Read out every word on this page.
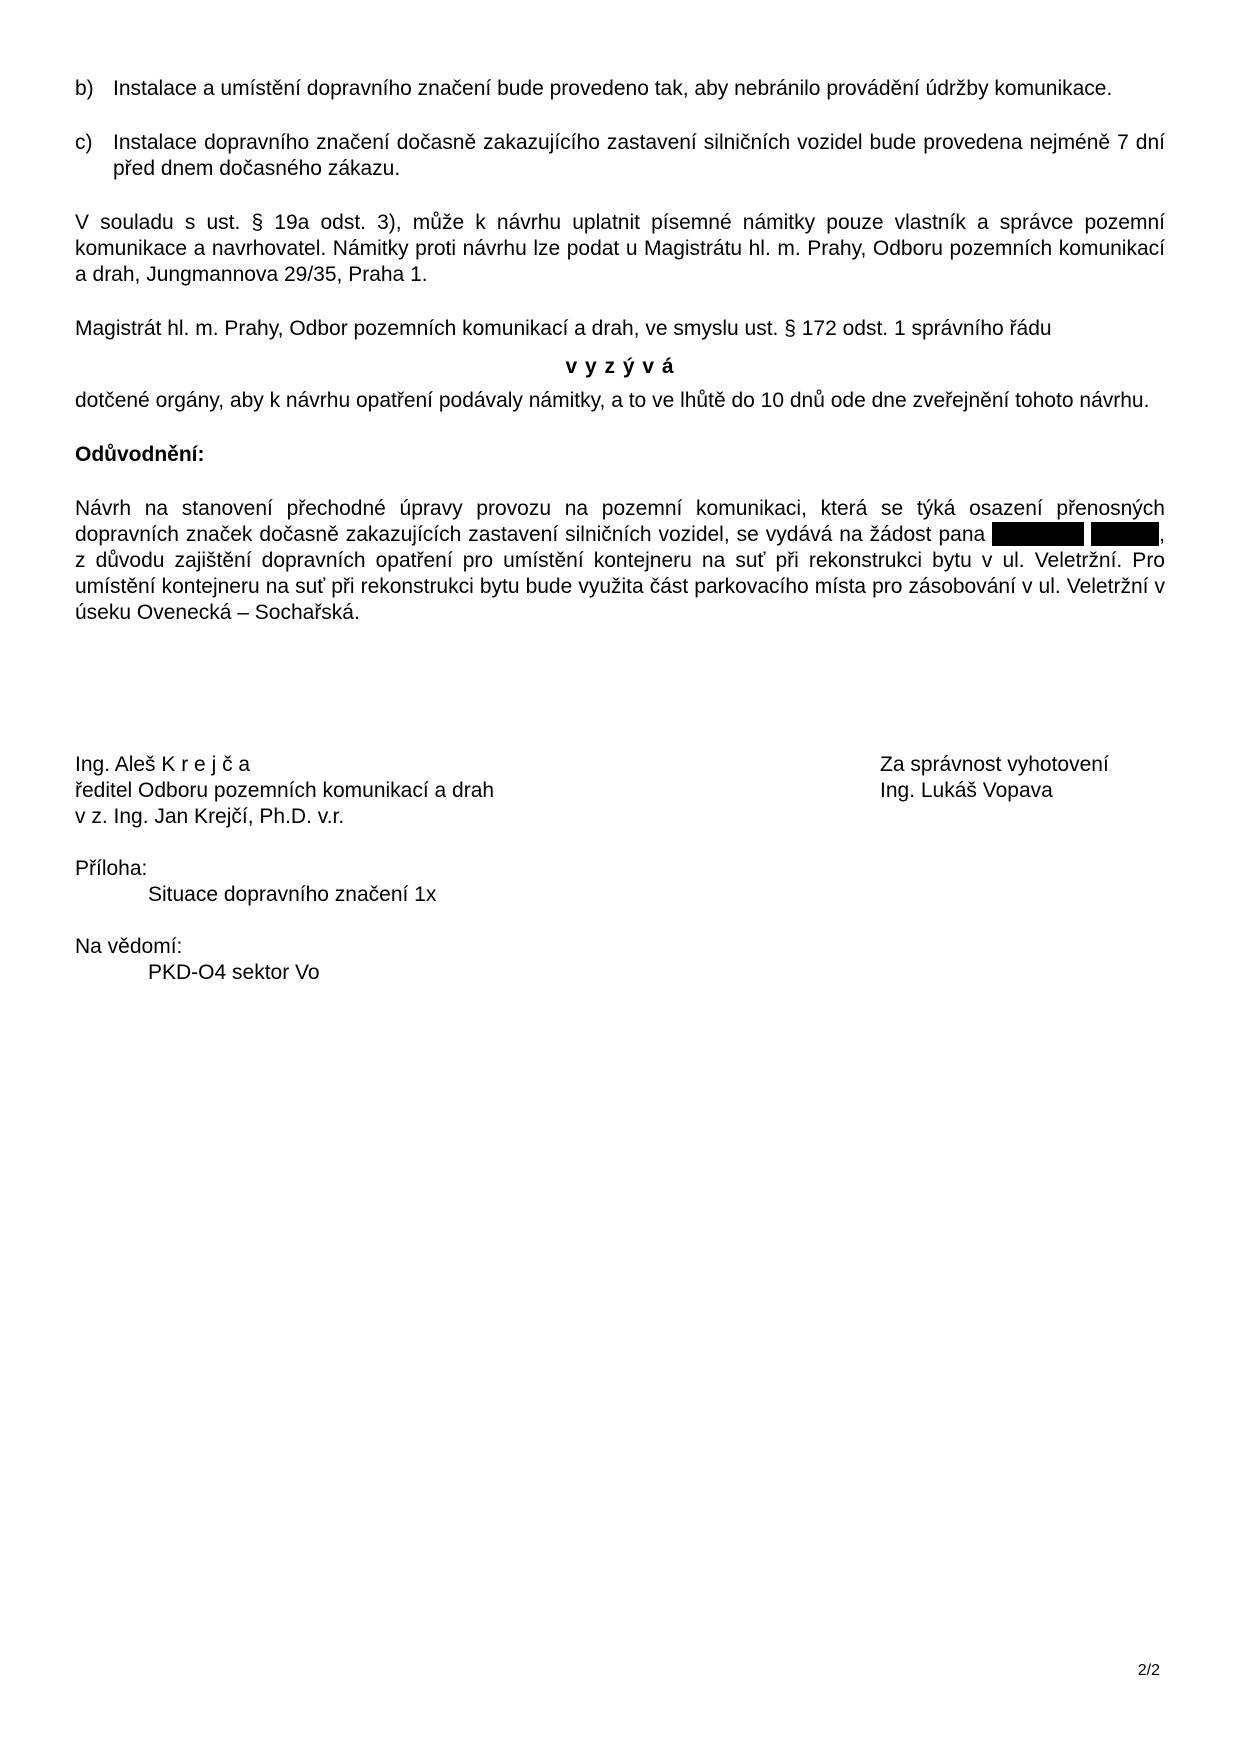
b) Instalace a umístění dopravního značení bude provedeno tak, aby nebránilo provádění údržby komunikace.
c) Instalace dopravního značení dočasně zakazujícího zastavení silničních vozidel bude provedena nejméně 7 dní před dnem dočasného zákazu.

V souladu s ust. § 19a odst. 3), může k návrhu uplatnit písemné námitky pouze vlastník a správce pozemní komunikace a navrhovatel. Námitky proti návrhu lze podat u Magistrátu hl. m. Prahy, Odboru pozemních komunikací a drah, Jungmannova 29/35, Praha 1.

Magistrát hl. m. Prahy, Odbor pozemních komunikací a drah, ve smyslu ust. § 172 odst. 1 správního řádu

v y z ý v á

dotčené orgány, aby k návrhu opatření podávaly námitky, a to ve lhůtě do 10 dnů ode dne zveřejnění tohoto návrhu.

Odůvodnění:

Návrh na stanovení přechodné úpravy provozu na pozemní komunikaci, která se týká osazení přenosných dopravních značek dočasně zakazujících zastavení silničních vozidel, se vydává na žádost pana	, z důvodu zajištění dopravních opatření pro umístění kontejneru na suť při rekonstrukci bytu v ul. Veletržní. Pro umístění kontejneru na suť při rekonstrukci bytu bude využita část parkovacího místa pro zásobování v ul. Veletržní v úseku Ovenecká – Sochařská.

Ing. Aleš K r e j č a
ředitel Odboru pozemních komunikací a drah
v z. Ing. Jan Krejčí, Ph.D. v.r.
Příloha:
Situace dopravního značení 1x
Na vědomí:
PKD-O4 sektor Vo
Za správnost vyhotovení
Ing. Lukáš Vopava
2/2
